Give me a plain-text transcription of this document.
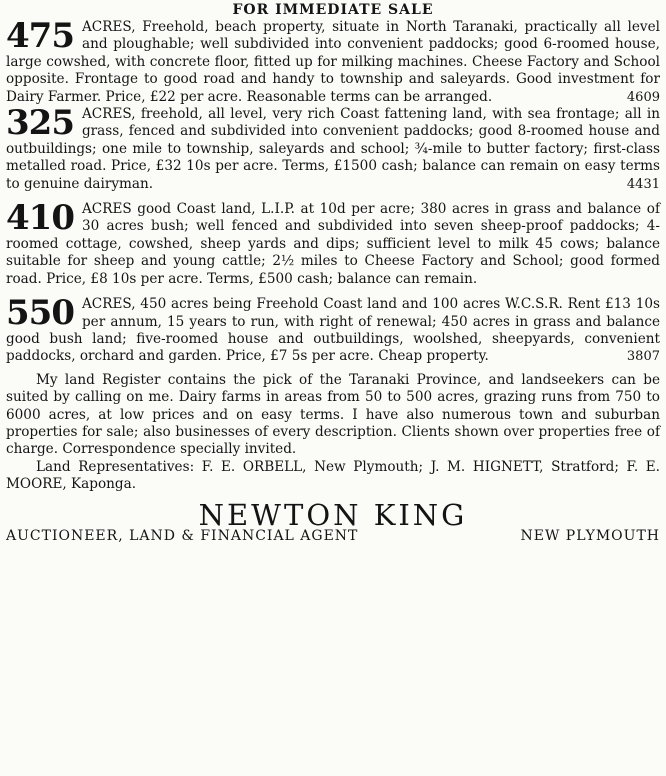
FOR IMMEDIATE SALE
475 ACRES, Freehold, beach property, situate in North Taranaki, practically all level and ploughable; well subdivided into convenient paddocks; good 6-roomed house, large cowshed, with concrete floor, fitted up for milking machines. Cheese Factory and School opposite. Frontage to good road and handy to township and saleyards. Good investment for Dairy Farmer. Price, £22 per acre. Reasonable terms can be arranged.	4609
325 ACRES, freehold, all level, very rich Coast fattening land, with sea frontage; all in grass, fenced and subdivided into convenient paddocks; good 8-roomed house and outbuildings; one mile to township, saleyards and school; ¾-mile to butter factory; first-class metalled road. Price, £32 10s per acre. Terms, £1500 cash; balance can remain on easy terms to genuine dairyman.	4431
410 ACRES good Coast land, L.I.P. at 10d per acre; 380 acres in grass and balance of 30 acres bush; well fenced and subdivided into seven sheep-proof paddocks; 4-roomed cottage, cowshed, sheep yards and dips; sufficient level to milk 45 cows; balance suitable for sheep and young cattle; 2½ miles to Cheese Factory and School; good formed road. Price, £8 10s per acre. Terms, £500 cash; balance can remain.
550 ACRES, 450 acres being Freehold Coast land and 100 acres W.C.S.R. Rent £13 10s per annum, 15 years to run, with right of renewal; 450 acres in grass and balance good bush land; five-roomed house and outbuildings, woolshed, sheepyards, convenient paddocks, orchard and garden. Price, £7 5s per acre. Cheap property.	3807
My land Register contains the pick of the Taranaki Province, and landseekers can be suited by calling on me. Dairy farms in areas from 50 to 500 acres, grazing runs from 750 to 6000 acres, at low prices and on easy terms. I have also numerous town and suburban properties for sale; also businesses of every description. Clients shown over properties free of charge. Correspondence specially invited.
Land Representatives: F. E. ORBELL, New Plymouth; J. M. HIGNETT, Stratford; F. E. MOORE, Kaponga.
NEWTON KING
AUCTIONEER, LAND & FINANCIAL AGENT	NEW PLYMOUTH
